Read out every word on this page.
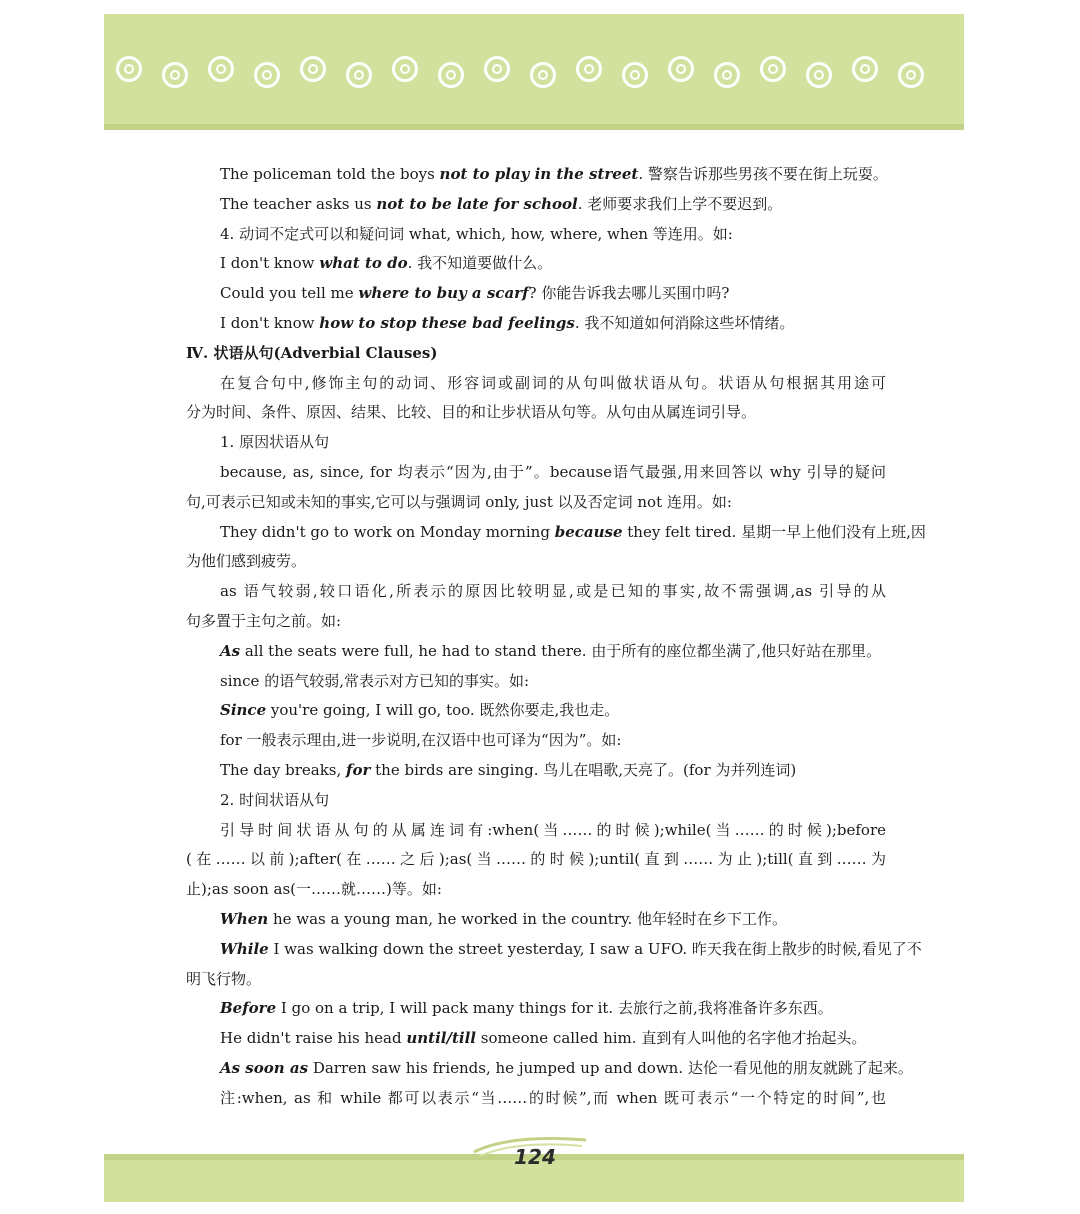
The policeman told the boys not to play in the street. 警察告诉那些男孩不要在街上玩耍。
The teacher asks us not to be late for school. 老师要求我们上学不要迟到。
4. 动词不定式可以和疑问词 what, which, how, where, when 等连用。如:
I don't know what to do. 我不知道要做什么。
Could you tell me where to buy a scarf? 你能告诉我去哪儿买围巾吗?
I don't know how to stop these bad feelings. 我不知道如何消除这些坏情绪。
Ⅳ. 状语从句(Adverbial Clauses)
在复合句中,修饰主句的动词、形容词或副词的从句叫做状语从句。状语从句根据其用途可
分为时间、条件、原因、结果、比较、目的和让步状语从句等。从句由从属连词引导。
1. 原因状语从句
because, as, since, for 均表示“因为,由于”。because语气最强,用来回答以 why 引导的疑问
句,可表示已知或未知的事实,它可以与强调词 only, just 以及否定词 not 连用。如:
They didn't go to work on Monday morning because they felt tired. 星期一早上他们没有上班,因
为他们感到疲劳。
as 语气较弱,较口语化,所表示的原因比较明显,或是已知的事实,故不需强调,as 引导的从
句多置于主句之前。如:
As all the seats were full, he had to stand there. 由于所有的座位都坐满了,他只好站在那里。
since 的语气较弱,常表示对方已知的事实。如:
Since you're going, I will go, too. 既然你要走,我也走。
for 一般表示理由,进一步说明,在汉语中也可译为“因为”。如:
The day breaks, for the birds are singing. 鸟儿在唱歌,天亮了。(for 为并列连词)
2. 时间状语从句
引导时间状语从句的从属连词有:when(当……的时候);while(当……的时候);before
(在……以前);after(在……之后);as(当……的时候);until(直到……为止);till(直到……为
止);as soon as(一……就……)等。如:
When he was a young man, he worked in the country. 他年轻时在乡下工作。
While I was walking down the street yesterday, I saw a UFO. 昨天我在街上散步的时候,看见了不
明飞行物。
Before I go on a trip, I will pack many things for it. 去旅行之前,我将准备许多东西。
He didn't raise his head until/till someone called him. 直到有人叫他的名字他才抬起头。
As soon as Darren saw his friends, he jumped up and down. 达伦一看见他的朋友就跳了起来。
注:when, as 和 while 都可以表示“当……的时候”,而 when 既可表示“一个特定的时间”,也
124
